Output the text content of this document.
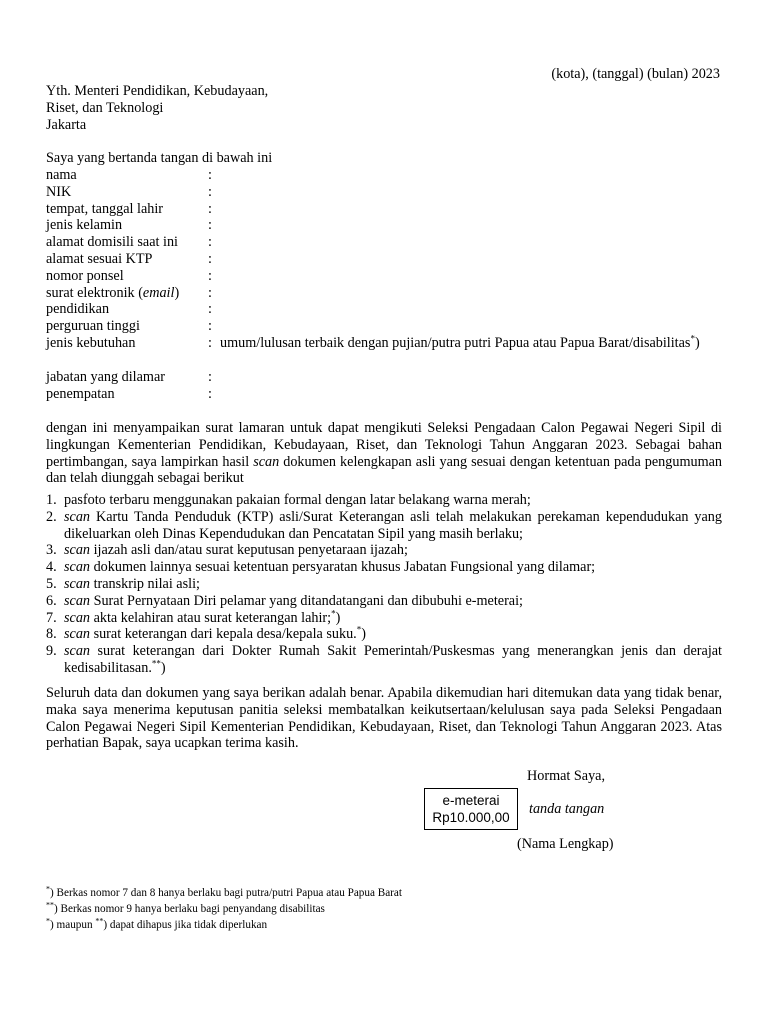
(kota), (tanggal) (bulan) 2023
Yth. Menteri Pendidikan, Kebudayaan,
Riset, dan Teknologi
Jakarta
Saya yang bertanda tangan di bawah ini
nama	:
NIK	:
tempat, tanggal lahir	:
jenis kelamin	:
alamat domisili saat ini	:
alamat sesuai KTP	:
nomor ponsel	:
surat elektronik (email)	:
pendidikan	:
perguruan tinggi	:
jenis kebutuhan	: umum/lulusan terbaik dengan pujian/putra putri Papua atau Papua Barat/disabilitas*)
jabatan yang dilamar	:
penempatan	:
dengan ini menyampaikan surat lamaran untuk dapat mengikuti Seleksi Pengadaan Calon Pegawai Negeri Sipil di lingkungan Kementerian Pendidikan, Kebudayaan, Riset, dan Teknologi Tahun Anggaran 2023. Sebagai bahan pertimbangan, saya lampirkan hasil scan dokumen kelengkapan asli yang sesuai dengan ketentuan pada pengumuman dan telah diunggah sebagai berikut
1. pasfoto terbaru menggunakan pakaian formal dengan latar belakang warna merah;
2. scan Kartu Tanda Penduduk (KTP) asli/Surat Keterangan asli telah melakukan perekaman kependudukan yang dikeluarkan oleh Dinas Kependudukan dan Pencatatan Sipil yang masih berlaku;
3. scan ijazah asli dan/atau surat keputusan penyetaraan ijazah;
4. scan dokumen lainnya sesuai ketentuan persyaratan khusus Jabatan Fungsional yang dilamar;
5. scan transkrip nilai asli;
6. scan Surat Pernyataan Diri pelamar yang ditandatangani dan dibubuhi e-meterai;
7. scan akta kelahiran atau surat keterangan lahir;*)
8. scan surat keterangan dari kepala desa/kepala suku.*)
9. scan surat keterangan dari Dokter Rumah Sakit Pemerintah/Puskesmas yang menerangkan jenis dan derajat kedisabilitasan.**)
Seluruh data dan dokumen yang saya berikan adalah benar. Apabila dikemudian hari ditemukan data yang tidak benar, maka saya menerima keputusan panitia seleksi membatalkan keikutsertaan/kelulusan saya pada Seleksi Pengadaan Calon Pegawai Negeri Sipil Kementerian Pendidikan, Kebudayaan, Riset, dan Teknologi Tahun Anggaran 2023. Atas perhatian Bapak, saya ucapkan terima kasih.
Hormat Saya,
e-meterai
Rp10.000,00
tanda tangan
(Nama Lengkap)
*) Berkas nomor 7 dan 8 hanya berlaku bagi putra/putri Papua atau Papua Barat
**) Berkas nomor 9 hanya berlaku bagi penyandang disabilitas
*) maupun **) dapat dihapus jika tidak diperlukan
